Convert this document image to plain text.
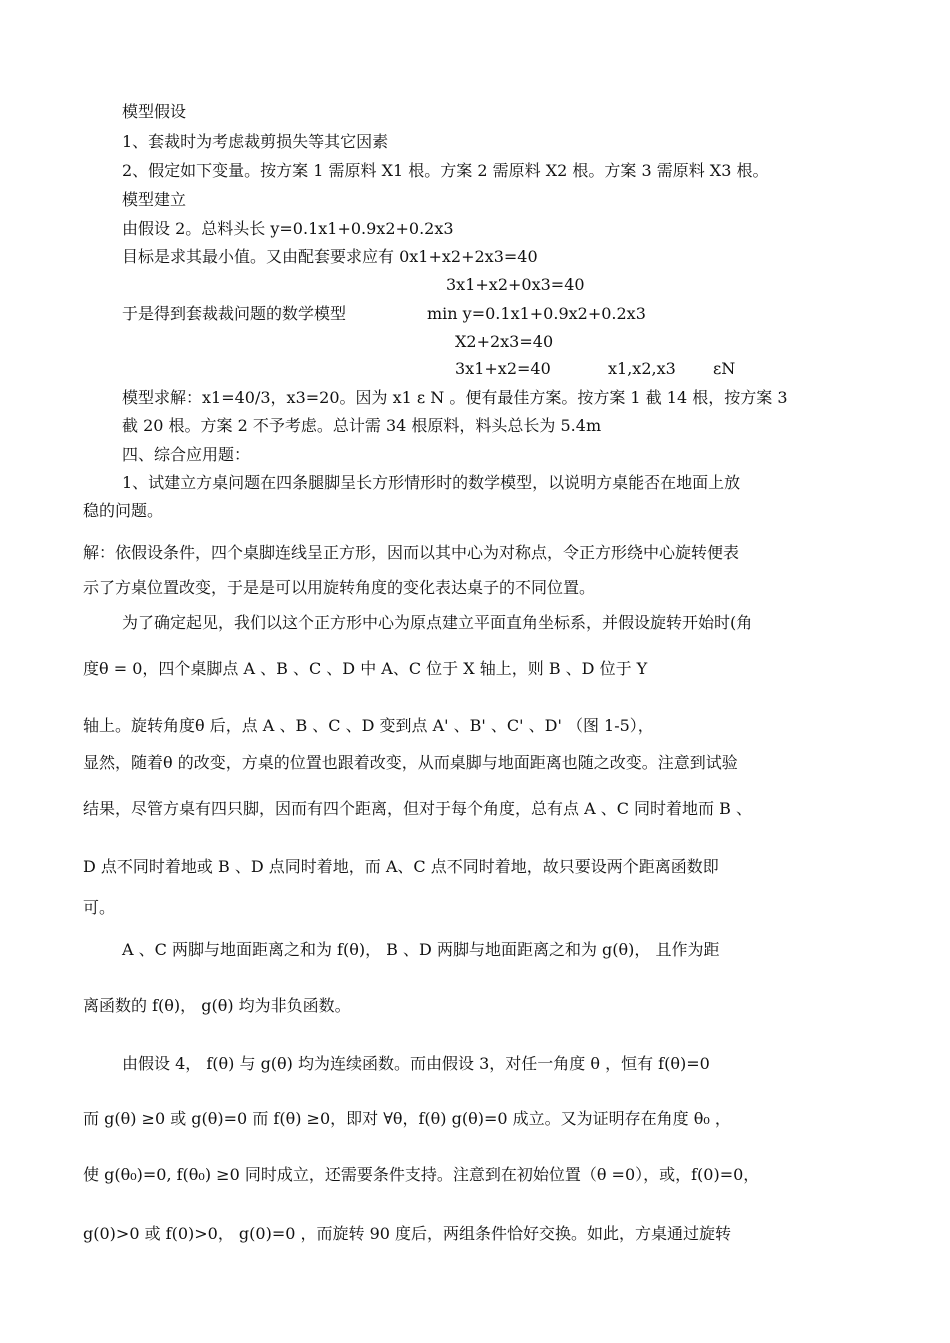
模型假设
1、套裁时为考虑裁剪损失等其它因素
2、假定如下变量。按方案 1 需原料 X1 根。方案 2 需原料 X2 根。方案 3 需原料 X3 根。
模型建立
由假设 2。总料头长 y=0.1x1+0.9x2+0.2x3
目标是求其最小值。又由配套要求应有 0x1+x2+2x3=40
3x1+x2+0x3=40
于是得到套裁裁问题的数学模型	min y=0.1x1+0.9x2+0.2x3
X2+2x3=40
3x1+x2=40	x1,x2,x3 εN
模型求解：x1=40/3，x3=20。因为 x1 ε N 。便有最佳方案。按方案 1 截 14 根，按方案 3
截 20 根。方案 2 不予考虑。总计需 34 根原料，料头总长为 5.4m
四、综合应用题：
1、试建立方桌问题在四条腿脚呈长方形情形时的数学模型，以说明方桌能否在地面上放
稳的问题。
解：依假设条件，四个桌脚连线呈正方形，因而以其中心为对称点，令正方形绕中心旋转便表
示了方桌位置改变，于是是可以用旋转角度的变化表达桌子的不同位置。
为了确定起见，我们以这个正方形中心为原点建立平面直角坐标系，并假设旋转开始时(角
度θ = 0，四个桌脚点 A 、B 、C 、D 中 A、C 位于 X 轴上，则 B 、D 位于 Y
轴上。旋转角度θ 后，点 A 、B 、C 、D 变到点 A' 、B' 、C' 、D' （图 1-5），
显然，随着θ 的改变，方桌的位置也跟着改变，从而桌脚与地面距离也随之改变。注意到试验
结果，尽管方桌有四只脚，因而有四个距离，但对于每个角度，总有点 A 、C 同时着地而 B 、
D 点不同时着地或 B 、D 点同时着地，而 A、C 点不同时着地，故只要设两个距离函数即
可。
A 、C 两脚与地面距离之和为 f(θ)， B 、D 两脚与地面距离之和为 g(θ)， 且作为距
离函数的 f(θ)， g(θ) 均为非负函数。
由假设 4， f(θ) 与 g(θ) 均为连续函数。而由假设 3，对任一角度 θ ，恒有 f(θ)=0
而 g(θ) ≥0 或 g(θ)=0 而 f(θ) ≥0，即对 ∀θ，f(θ) g(θ)=0 成立。又为证明存在角度 θ₀ ，
使 g(θ₀)=0, f(θ₀) ≥0 同时成立，还需要条件支持。注意到在初始位置（θ =0），或，f(0)=0，
g(0)>0 或 f(0)>0， g(0)=0 ，而旋转 90 度后，两组条件恰好交换。如此，方桌通过旋转
